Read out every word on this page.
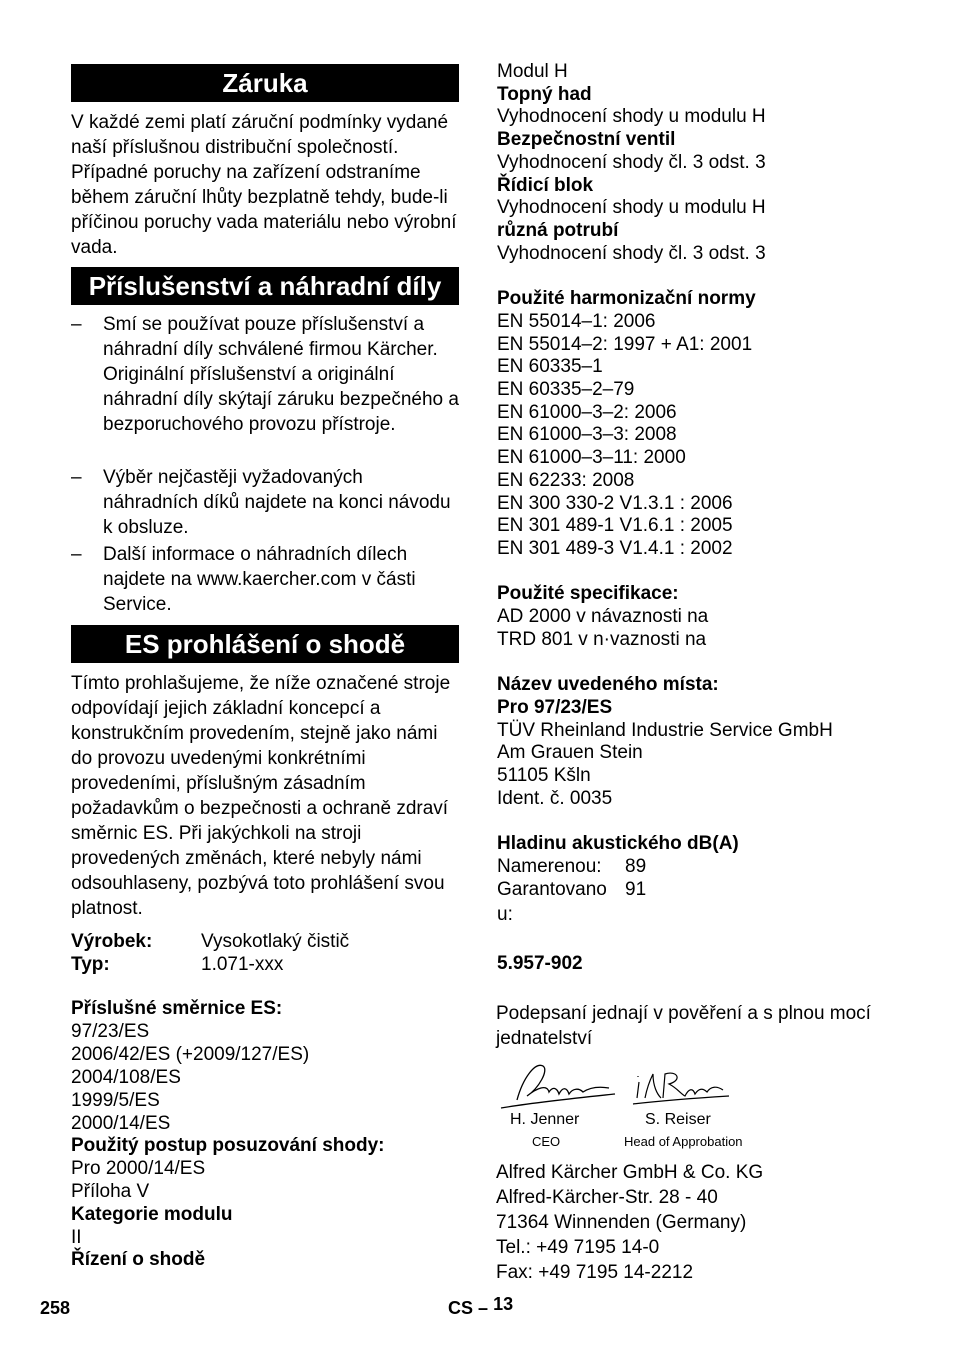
Záruka
V každé zemi platí záruční podmínky vydané naší příslušnou distribuční společností. Případné poruchy na zařízení odstraníme během záruční lhůty bezplatně tehdy, bude-li příčinou poruchy vada materiálu nebo výrobní vada.
Příslušenství a náhradní díly
–	Smí se používat pouze příslušenství a náhradní díly schválené firmou Kärcher. Originální příslušenství a originální náhradní díly skýtají záruku bezpečného a bezporuchového provozu přístroje.
–	Výběr nejčastěji vyžadovaných náhradních díků najdete na konci návodu k obsluze.
–	Další informace o náhradních dílech najdete na www.kaercher.com v části Service.
ES prohlášení o shodě
Tímto prohlašujeme, že níže označené stroje odpovídají jejich základní koncepcí a konstrukčním provedením, stejně jako námi do provozu uvedenými konkrétními provedeními, příslušným zásadním požadavkům o bezpečnosti a ochraně zdraví směrnic ES. Při jakýchkoli na stroji provedených změnách, které nebyly námi odsouhlaseny, pozbývá toto prohlášení svou platnost.
Výrobek:	Vysokotlaký čistič
Typ:	1.071-xxx
Příslušné směrnice ES:
97/23/ES
2006/42/ES (+2009/127/ES)
2004/108/ES
1999/5/ES
2000/14/ES
Použitý postup posuzování shody:
Pro 2000/14/ES
Příloha V
Kategorie modulu
II
Řízení o shodě
Modul H
Topný had
Vyhodnocení shody u modulu H
Bezpečnostní ventil
Vyhodnocení shody čl. 3 odst. 3
Řídicí blok
Vyhodnocení shody u modulu H
různá potrubí
Vyhodnocení shody čl. 3 odst. 3
Použité harmonizační normy
EN 55014–1: 2006
EN 55014–2: 1997 + A1: 2001
EN 60335–1
EN 60335–2–79
EN 61000–3–2: 2006
EN 61000–3–3: 2008
EN 61000–3–11: 2000
EN 62233: 2008
EN 300 330-2 V1.3.1 : 2006
EN 301 489-1 V1.6.1 : 2005
EN 301 489-3 V1.4.1 : 2002
Použité specifikace:
AD 2000 v návaznosti na
TRD 801 v n·vaznosti na
Název uvedeného místa:
Pro 97/23/ES
TÜV Rheinland Industrie Service GmbH
Am Grauen Stein
51105 Kšln
Ident. č. 0035
Hladinu akustického dB(A)
Namerenou: 89
Garantovano 91
u:
5.957-902
Podepsaní jednají v pověření a s plnou mocí jednatelství
H. Jenner
CEO
S. Reiser
Head of Approbation
Alfred Kärcher GmbH & Co. KG
Alfred-Kärcher-Str. 28 - 40
71364 Winnenden (Germany)
Tel.: +49 7195 14-0
Fax: +49 7195 14-2212
258	CS – 13
